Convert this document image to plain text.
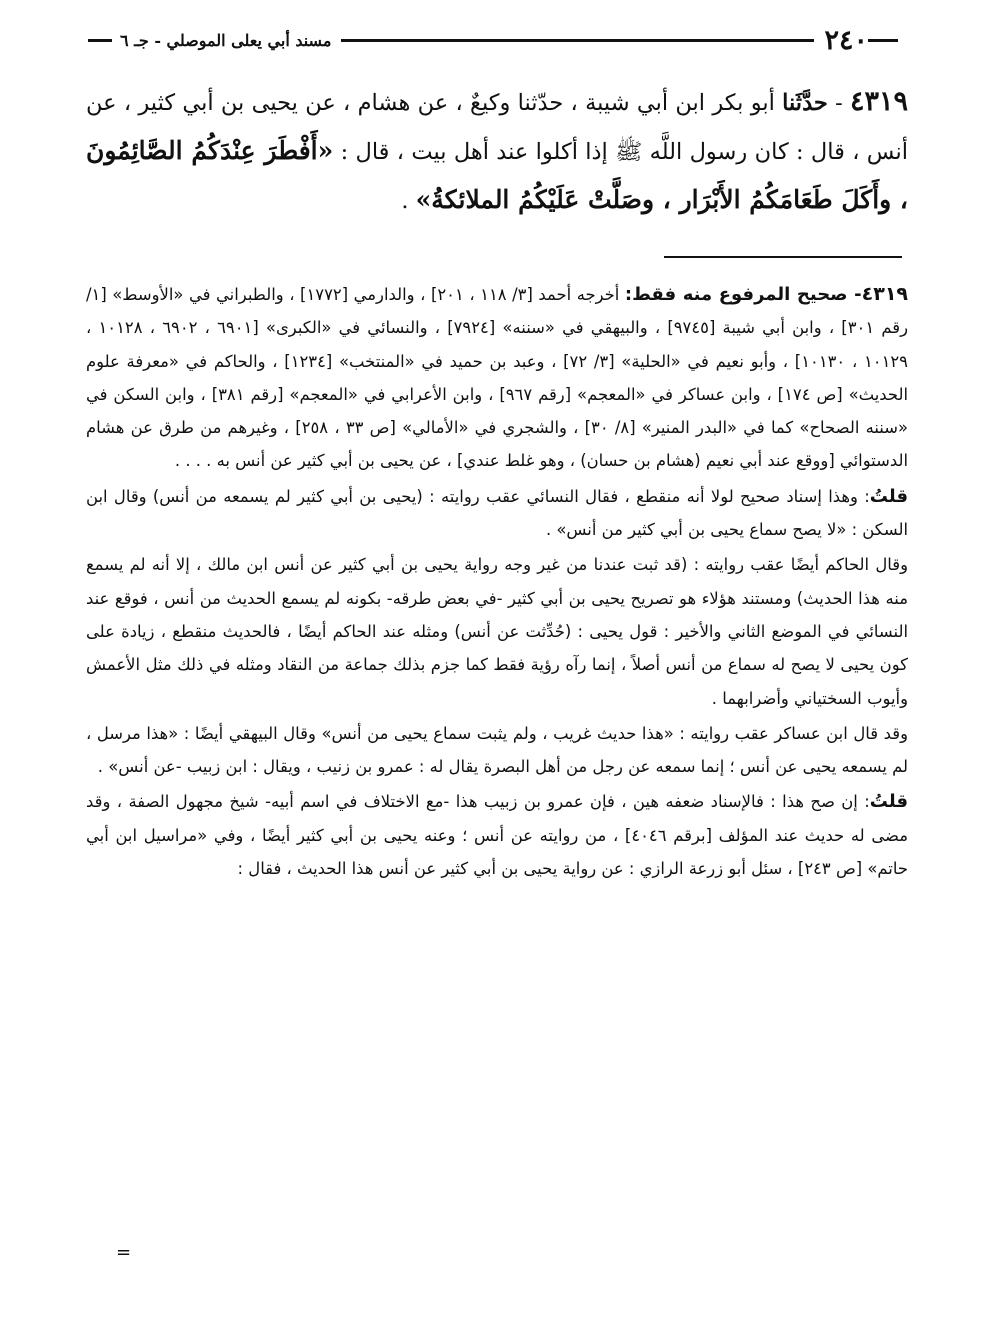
٢٤٠
مسند أبي يعلى الموصلي - جـ ٦
٤٣١٩ - حدَّثَنا أبو بكر ابن أبي شيبة ، حدّثنا وكيعٌ ، عن هشام ، عن يحيى بن أبي كثير ، عن أنس ، قال : كان رسول اللَّه ﷺ إذا أكلوا عند أهل بيت ، قال : «أَفْطَرَ عِنْدَكُمُ الصَّائِمُونَ ، وأَكَلَ طَعَامَكُمُ الأَبْرَار ، وصَلَّتْ عَلَيْكُمُ الملائكةُ» .

٤٣١٩- صحيح المرفوع منه فقط: أخرجه أحمد [٣/ ١١٨ ، ٢٠١] ، والدارمي [١٧٧٢] ، والطبراني في «الأوسط» [١/ رقم ٣٠١] ، وابن أبي شيبة [٩٧٤٥] ، والبيهقي في «سننه» [٧٩٢٤] ، والنسائي في «الكبرى» [٦٩٠١ ، ٦٩٠٢ ، ١٠١٢٨ ، ١٠١٢٩ ، ١٠١٣٠] ، وأبو نعيم في «الحلية» [٣/ ٧٢] ، وعبد بن حميد في «المنتخب» [١٢٣٤] ، والحاكم في «معرفة علوم الحديث» [ص ١٧٤] ، وابن عساكر في «المعجم» [رقم ٩٦٧] ، وابن الأعرابي في «المعجم» [رقم ٣٨١] ، وابن السكن في «سننه الصحاح» كما في «البدر المنير» [٨/ ٣٠] ، والشجري في «الأمالي» [ص ٣٣ ، ٢٥٨] ، وغيرهم من طرق عن هشام الدستوائي [ووقع عند أبي نعيم (هشام بن حسان) ، وهو غلط عندي] ، عن يحيى بن أبي كثير عن أنس به . . . .

قلتُ: وهذا إسناد صحيح لولا أنه منقطع ، فقال النسائي عقب روايته : (يحيى بن أبي كثير لم يسمعه من أنس) وقال ابن السكن : «لا يصح سماع يحيى بن أبي كثير من أنس» .

وقال الحاكم أيضًا عقب روايته : (قد ثبت عندنا من غير وجه رواية يحيى بن أبي كثير عن أنس ابن مالك ، إلا أنه لم يسمع منه هذا الحديث) ومستند هؤلاء هو تصريح يحيى بن أبي كثير -في بعض طرقه- بكونه لم يسمع الحديث من أنس ، فوقع عند النسائي في الموضع الثاني والأخير : قول يحيى : (حُدِّثت عن أنس) ومثله عند الحاكم أيضًا ، فالحديث منقطع ، زيادة على كون يحيى لا يصح له سماع من أنس أصلاً ، إنما رآه رؤية فقط كما جزم بذلك جماعة من النقاد ومثله في ذلك مثل الأعمش وأيوب السختياني وأضرابهما .

وقد قال ابن عساكر عقب روايته : «هذا حديث غريب ، ولم يثبت سماع يحيى من أنس» وقال البيهقي أيضًا : «هذا مرسل ، لم يسمعه يحيى عن أنس ؛ إنما سمعه عن رجل من أهل البصرة يقال له : عمرو بن زنيب ، ويقال : ابن زبيب -عن أنس» .

قلتُ: إن صح هذا : فالإسناد ضعفه هين ، فإن عمرو بن زبيب هذا -مع الاختلاف في اسم أبيه- شيخ مجهول الصفة ، وقد مضى له حديث عند المؤلف [برقم ٤٠٤٦] ، من روايته عن أنس ؛ وعنه يحيى بن أبي كثير أيضًا ، وفي «مراسيل ابن أبي حاتم» [ص ٢٤٣] ، سئل أبو زرعة الرازي : عن رواية يحيى بن أبي كثير عن أنس هذا الحديث ، فقال :

=
